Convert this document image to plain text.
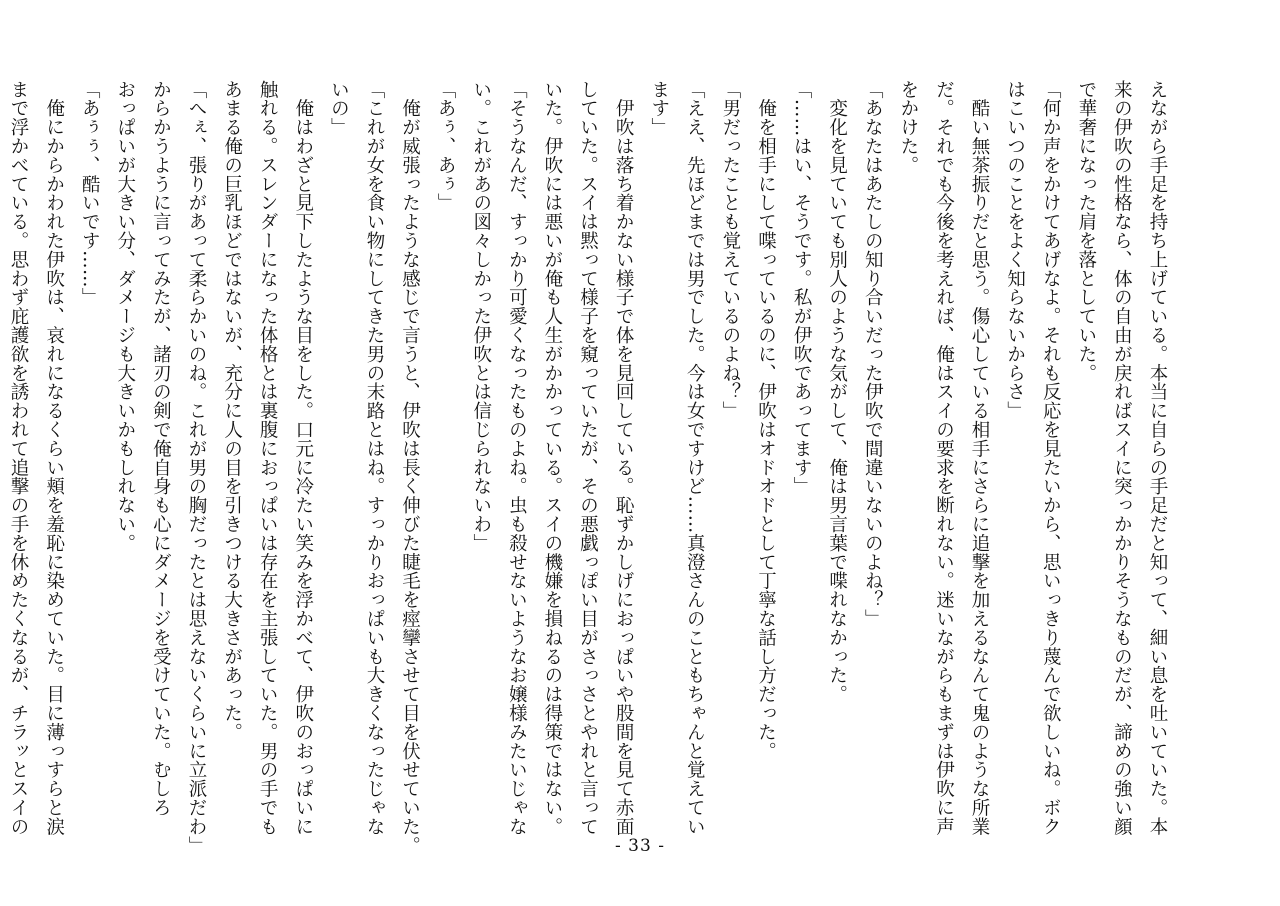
えながら手足を持ち上げている。本当に自らの手足だと知って、細い息を吐いていた。本

来の伊吹の性格なら、体の自由が戻ればスイに突っかかりそうなものだが、諦めの強い顔

で華奢になった肩を落としていた。

「何か声をかけてあげなよ。それも反応を見たいから、思いっきり蔑んで欲しいね。ボク

はこいつのことをよく知らないからさ」

　酷い無茶振りだと思う。傷心している相手にさらに追撃を加えるなんて鬼のような所業

だ。それでも今後を考えれば、俺はスイの要求を断れない。迷いながらもまずは伊吹に声

をかけた。

「あなたはあたしの知り合いだった伊吹で間違いないのよね？」

　変化を見ていても別人のような気がして、俺は男言葉で喋れなかった。

「……はい、そうです。私が伊吹であってます」

　俺を相手にして喋っているのに、伊吹はオドオドとして丁寧な話し方だった。

「男だったことも覚えているのよね？」

「ええ、先ほどまでは男でした。今は女ですけど……真澄さんのこともちゃんと覚えてい

ます」

　伊吹は落ち着かない様子で体を見回している。恥ずかしげにおっぱいや股間を見て赤面

していた。スイは黙って様子を窺っていたが、その悪戯っぽい目がさっさとやれと言って

いた。伊吹には悪いが俺も人生がかかっている。スイの機嫌を損ねるのは得策ではない。

「そうなんだ、すっかり可愛くなったものよね。虫も殺せないようなお嬢様みたいじゃな

い。これがあの図々しかった伊吹とは信じられないわ」

「あぅ、あぅ」

　俺が威張ったような感じで言うと、伊吹は長く伸びた睫毛を痙攣させて目を伏せていた。

「これが女を食い物にしてきた男の末路とはね。すっかりおっぱいも大きくなったじゃな

いの」

　俺はわざと見下したような目をした。口元に冷たい笑みを浮かべて、伊吹のおっぱいに

触れる。スレンダーになった体格とは裏腹におっぱいは存在を主張していた。男の手でも

あまる俺の巨乳ほどではないが、充分に人の目を引きつける大きさがあった。

「へぇ、張りがあって柔らかいのね。これが男の胸だったとは思えないくらいに立派だわ」

からかうように言ってみたが、諸刃の剣で俺自身も心にダメージを受けていた。むしろ

おっぱいが大きい分、ダメージも大きいかもしれない。

「あぅぅ、酷いです……」

　俺にからかわれた伊吹は、哀れになるくらい頬を羞恥に染めていた。目に薄っすらと涙

まで浮かべている。思わず庇護欲を誘われて追撃の手を休めたくなるが、チラッとスイの

- 33 -
